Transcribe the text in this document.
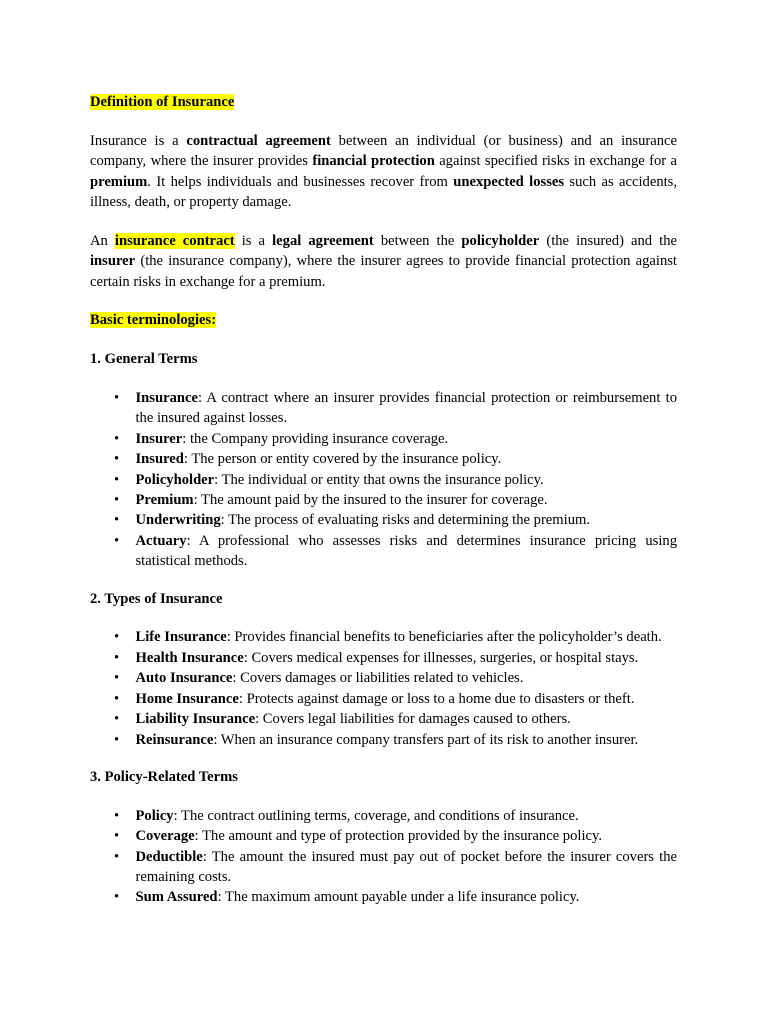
Definition of Insurance

Insurance is a contractual agreement between an individual (or business) and an insurance company, where the insurer provides financial protection against specified risks in exchange for a premium. It helps individuals and businesses recover from unexpected losses such as accidents, illness, death, or property damage.

An insurance contract is a legal agreement between the policyholder (the insured) and the insurer (the insurance company), where the insurer agrees to provide financial protection against certain risks in exchange for a premium.

Basic terminologies:

1. General Terms

• Insurance: A contract where an insurer provides financial protection or reimbursement to the insured against losses.
• Insurer: the Company providing insurance coverage.
• Insured: The person or entity covered by the insurance policy.
• Policyholder: The individual or entity that owns the insurance policy.
• Premium: The amount paid by the insured to the insurer for coverage.
• Underwriting: The process of evaluating risks and determining the premium.
• Actuary: A professional who assesses risks and determines insurance pricing using statistical methods.

2. Types of Insurance

• Life Insurance: Provides financial benefits to beneficiaries after the policyholder’s death.
• Health Insurance: Covers medical expenses for illnesses, surgeries, or hospital stays.
• Auto Insurance: Covers damages or liabilities related to vehicles.
• Home Insurance: Protects against damage or loss to a home due to disasters or theft.
• Liability Insurance: Covers legal liabilities for damages caused to others.
• Reinsurance: When an insurance company transfers part of its risk to another insurer.

3. Policy-Related Terms

• Policy: The contract outlining terms, coverage, and conditions of insurance.
• Coverage: The amount and type of protection provided by the insurance policy.
• Deductible: The amount the insured must pay out of pocket before the insurer covers the remaining costs.
• Sum Assured: The maximum amount payable under a life insurance policy.
